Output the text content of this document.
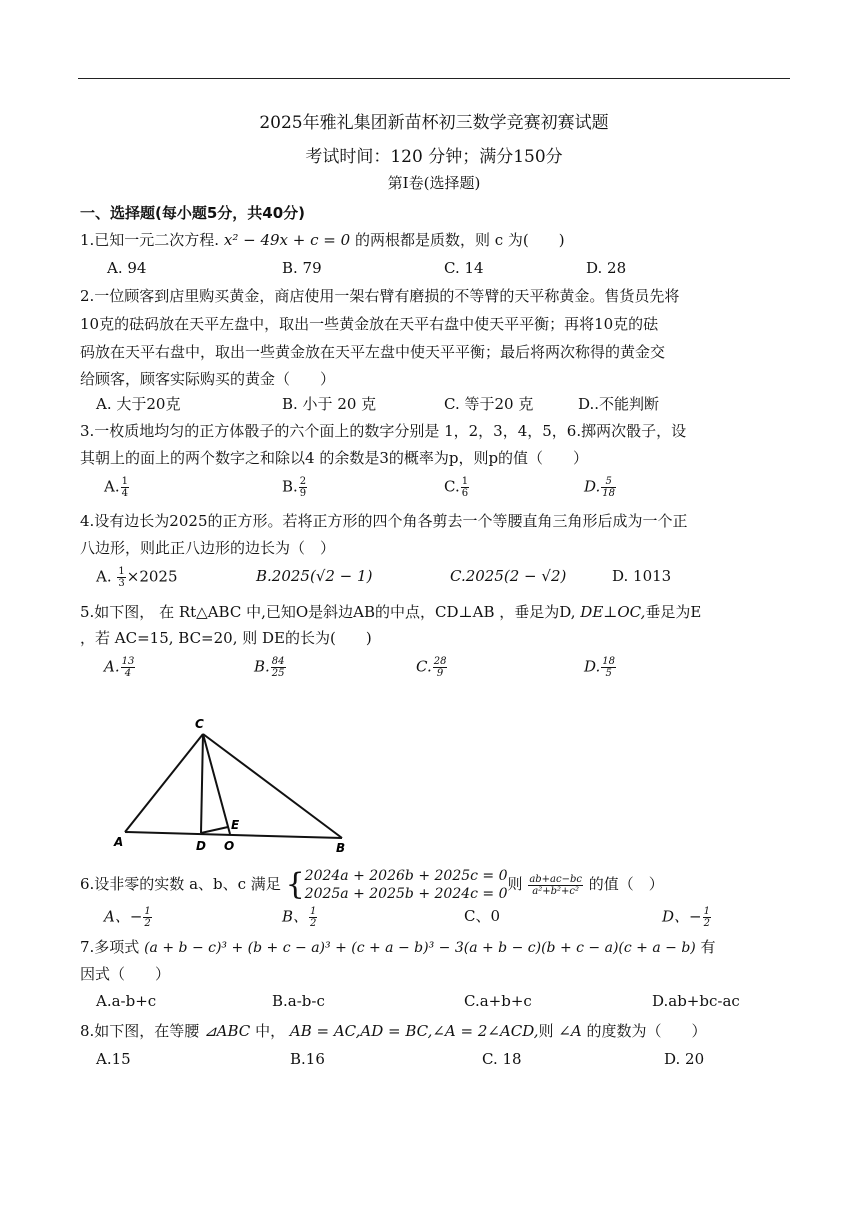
2025年雅礼集团新苗杯初三数学竞赛初赛试题
考试时间：120 分钟；满分150分
第Ⅰ卷(选择题)
一、选择题(每小题5分，共40分)
1.已知一元二次方程. x² − 49x + c = 0 的两根都是质数，则 c 为(　　)
A. 94	B. 79	C. 14	D. 28
2.一位顾客到店里购买黄金，商店使用一架右臂有磨损的不等臂的天平称黄金。售货员先将
10克的砝码放在天平左盘中，取出一些黄金放在天平右盘中使天平平衡；再将10克的砝
码放在天平右盘中，取出一些黄金放在天平左盘中使天平平衡；最后将两次称得的黄金交
给顾客，顾客实际购买的黄金（　　）
A. 大于20克	B. 小于 20 克	C. 等于20 克	D..不能判断
3.一枚质地均匀的正方体骰子的六个面上的数字分别是 1，2，3，4，5，6.掷两次骰子，设
其朝上的面上的两个数字之和除以4 的余数是3的概率为p，则p的值（　　）
A. $\frac{1}{4}$	B. $\frac{2}{9}$	C. $\frac{1}{6}$	D. $\frac{5}{18}$
4.设有边长为2025的正方形。若将正方形的四个角各剪去一个等腰直角三角形后成为一个正
八边形，则此正八边形的边长为（　）
A. $\frac{1}{3} \times 2025$	B.2025(√2 − 1)	C.2025(2 − √2)	D. 1013
5.如下图， 在 Rt△ABC 中,已知O是斜边AB的中点，CD⊥AB ，垂足为D, DE⊥OC,垂足为E
，若 AC=15, BC=20, 则 DE的长为(　　)
A. $\frac{13}{4}$	B. $\frac{84}{25}$	C. $\frac{28}{9}$	D. $\frac{18}{5}$
C
A	D O
E
B
6.设非零的实数 a、b、c 满足 { 2024a + 2026b + 2025c = 0
2025a + 2025b + 2024c = 0
则 $\frac{ab+ac-bc}{\text{a²+b²+c²}}$ 的值（　）
A、− $\frac{1}{2}$	B、 $\frac{1}{2}$	C、0	D、− $\frac{1}{2}$
7.多项式 (a + b − c)³ + (b + c − a)³ + (c + a − b)³ − 3(a + b − c)(b + c − a)(c + a − b) 有
因式（　　）
A.a-b+c	B.a-b-c	C.a+b+c	D.ab+bc-ac
8.如下图，在等腰 ⊿ABC 中， AB = AC,AD = BC,∠A = 2∠ACD,则 ∠A 的度数为（　　）
A.15	B.16	C. 18	D. 20
